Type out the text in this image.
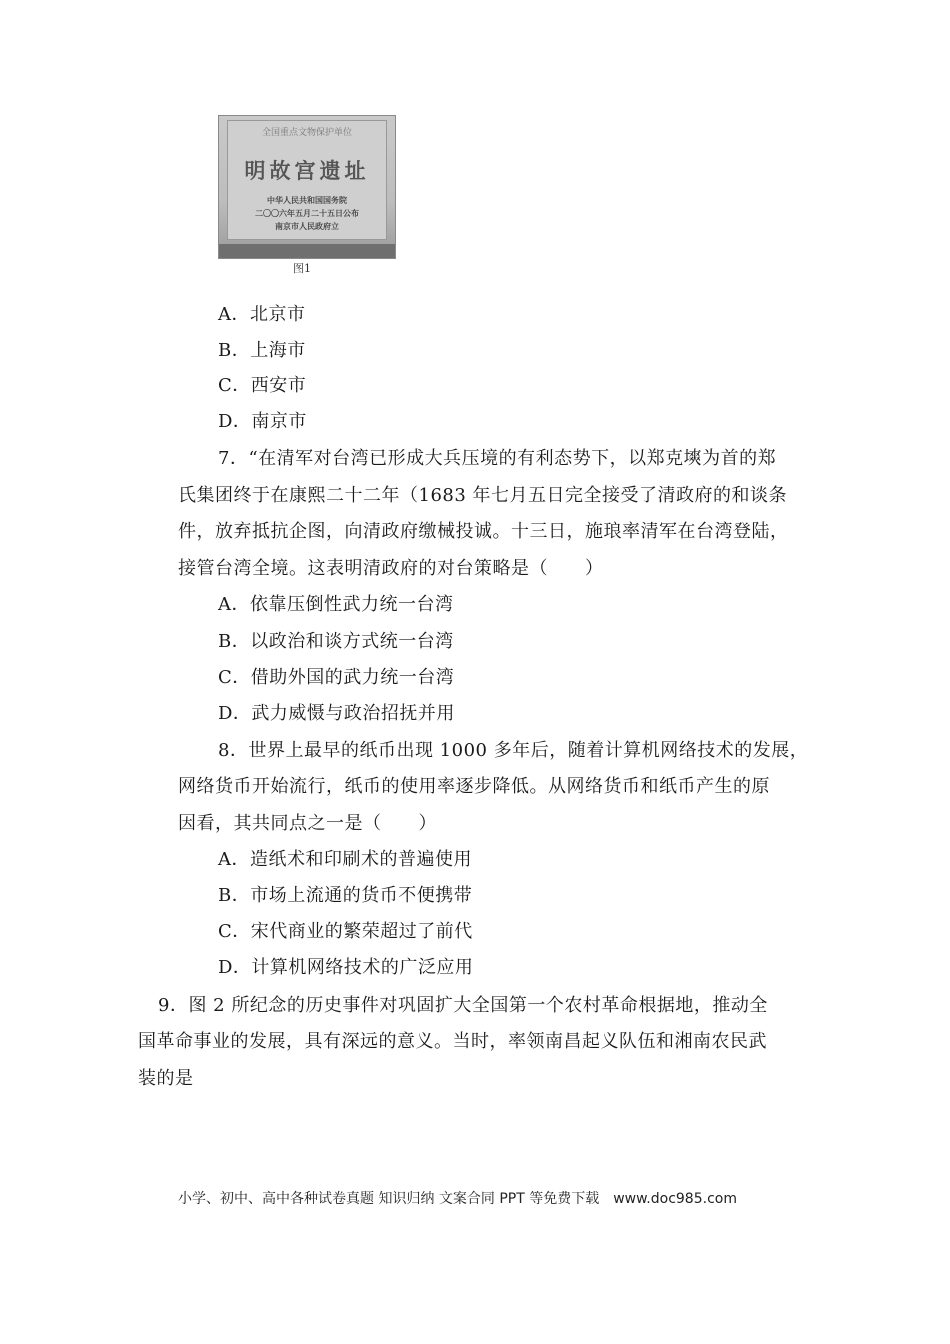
全国重点文物保护单位
明故宫遗址
中华人民共和国国务院
二〇〇六年五月二十五日公布
南京市人民政府立
图1
A．北京市
B．上海市
C．西安市
D．南京市
7．“在清军对台湾已形成大兵压境的有利态势下，以郑克塽为首的郑
氏集团终于在康熙二十二年（1683 年七月五日完全接受了清政府的和谈条
件，放弃抵抗企图，向清政府缴械投诚。十三日，施琅率清军在台湾登陆，
接管台湾全境。这表明清政府的对台策略是（　　）
A．依靠压倒性武力统一台湾
B．以政治和谈方式统一台湾
C．借助外国的武力统一台湾
D．武力威慑与政治招抚并用
8．世界上最早的纸币出现 1000 多年后，随着计算机网络技术的发展，
网络货币开始流行，纸币的使用率逐步降低。从网络货币和纸币产生的原
因看，其共同点之一是（　　）
A．造纸术和印刷术的普遍使用
B．市场上流通的货币不便携带
C．宋代商业的繁荣超过了前代
D．计算机网络技术的广泛应用
9．图 2 所纪念的历史事件对巩固扩大全国第一个农村革命根据地，推动全
国革命事业的发展，具有深远的意义。当时，率领南昌起义队伍和湘南农民武
装的是
小学、初中、高中各种试卷真题 知识归纳 文案合同 PPT 等免费下载　www.doc985.com
